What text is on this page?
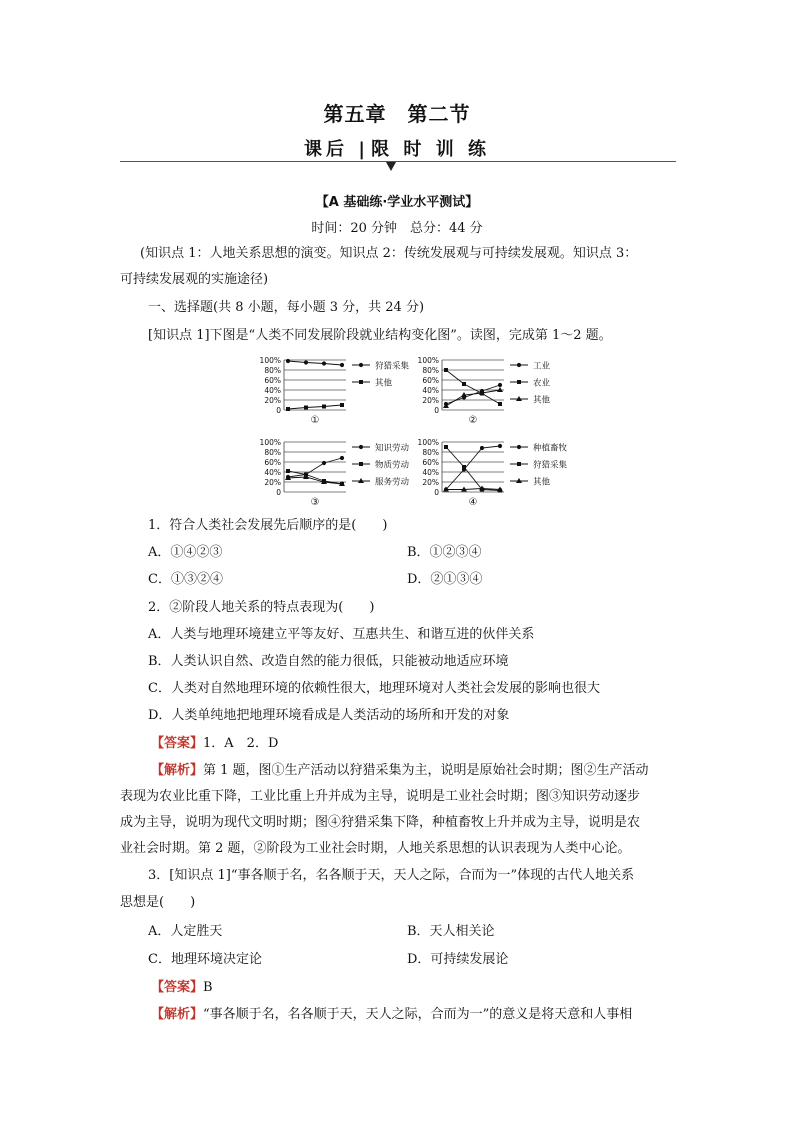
第五章　第二节
课后 | 限 时 训 练
【A 基础练·学业水平测试】
时间：20 分钟　总分：44 分
(知识点 1：人地关系思想的演变。知识点 2：传统发展观与可持续发展观。知识点 3：
可持续发展观的实施途径)
一、选择题(共 8 小题，每小题 3 分，共 24 分)
[知识点 1]下图是“人类不同发展阶段就业结构变化图”。读图，完成第 1～2 题。
100%
80%
60%
40%
20%
0
狩猎采集
其他
①
100%
80%
60%
40%
20%
0
工业
农业
其他
②
100%
80%
60%
40%
20%
0
知识劳动
物质劳动
服务劳动
③
100%
80%
60%
40%
20%
0
种植畜牧
狩猎采集
其他
④
1．符合人类社会发展先后顺序的是(　　)
A．①④②③	B．①②③④
C．①③②④	D．②①③④
2．②阶段人地关系的特点表现为(　　)
A．人类与地理环境建立平等友好、互惠共生、和谐互进的伙伴关系
B．人类认识自然、改造自然的能力很低，只能被动地适应环境
C．人类对自然地理环境的依赖性很大，地理环境对人类社会发展的影响也很大
D．人类单纯地把地理环境看成是人类活动的场所和开发的对象
【答案】1．A　2．D
【解析】第 1 题，图①生产活动以狩猎采集为主，说明是原始社会时期；图②生产活动
表现为农业比重下降，工业比重上升并成为主导，说明是工业社会时期；图③知识劳动逐步
成为主导，说明为现代文明时期；图④狩猎采集下降，种植畜牧上升并成为主导，说明是农
业社会时期。第 2 题，②阶段为工业社会时期，人地关系思想的认识表现为人类中心论。
3．[知识点 1]“事各顺于名，名各顺于天，天人之际，合而为一”体现的古代人地关系
思想是(　　)
A．人定胜天	B．天人相关论
C．地理环境决定论	D．可持续发展论
【答案】B
【解析】“事各顺于名，名各顺于天，天人之际，合而为一”的意义是将天意和人事相
